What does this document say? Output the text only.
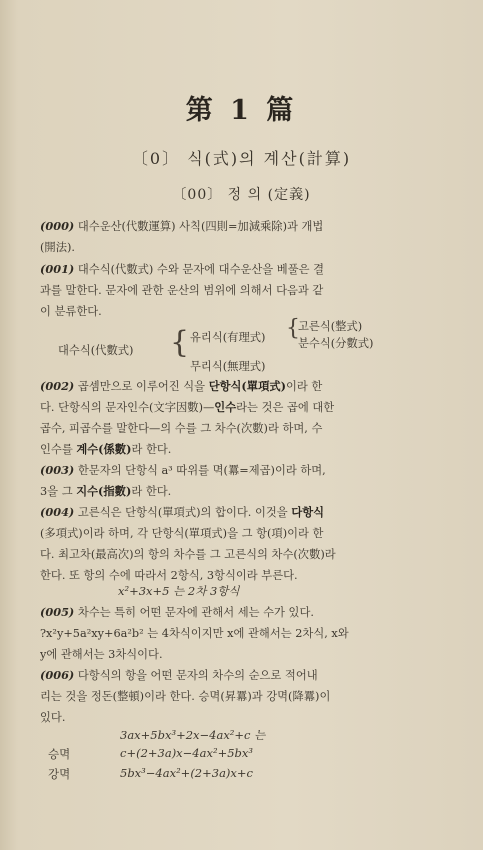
第 1 篇
〔0〕 식(式)의 계산(計算)
〔00〕 정 의 (定義)
(000) 대수운산(代數運算) 사칙(四則=加減乘除)과 개법
(開法).
(001) 대수식(代數式) 수와 문자에 대수운산을 베풀은 결
과를 말한다. 문자에 관한 운산의 범위에 의해서 다음과 같
이 분류한다.
대수식(代數式) { 유리식(有理式)
무리식(無理式)
{
고른식(整式)
분수식(分數式)
(002) 곱셈만으로 이루어진 식을 단항식(單項式)이라 한
다. 단항식의 문자인수(文字因數)—인수라는 것은 곱에 대한
곱수, 피곱수를 말한다—의 수를 그 차수(次數)라 하며, 수
인수를 계수(係數)라 한다.
(003) 한문자의 단항식 a³ 따위를 멱(羃=제곱)이라 하며,
3을 그 지수(指數)라 한다.
(004) 고른식은 단항식(單項式)의 합이다. 이것을 다항식
(多項式)이라 하며, 각 단항식(單項式)을 그 항(項)이라 한
다. 최고차(最高次)의 항의 차수를 그 고른식의 차수(次數)라
한다. 또 항의 수에 따라서 2항식, 3항식이라 부른다.
x²+3x+5 는 2차 3항식
(005) 차수는 특히 어떤 문자에 관해서 세는 수가 있다.
?x²y+5a²xy+6a²b² 는 4차식이지만 x에 관해서는 2차식, x와
y에 관해서는 3차식이다.
(006) 다항식의 항을 어떤 문자의 차수의 순으로 적어내
리는 것을 정돈(整頓)이라 한다. 승멱(昇羃)과 강멱(降羃)이
있다.
3ax+5bx³+2x−4ax²+c 는
승멱	c+(2+3a)x−4ax²+5bx³
강멱	5bx³−4ax²+(2+3a)x+c
